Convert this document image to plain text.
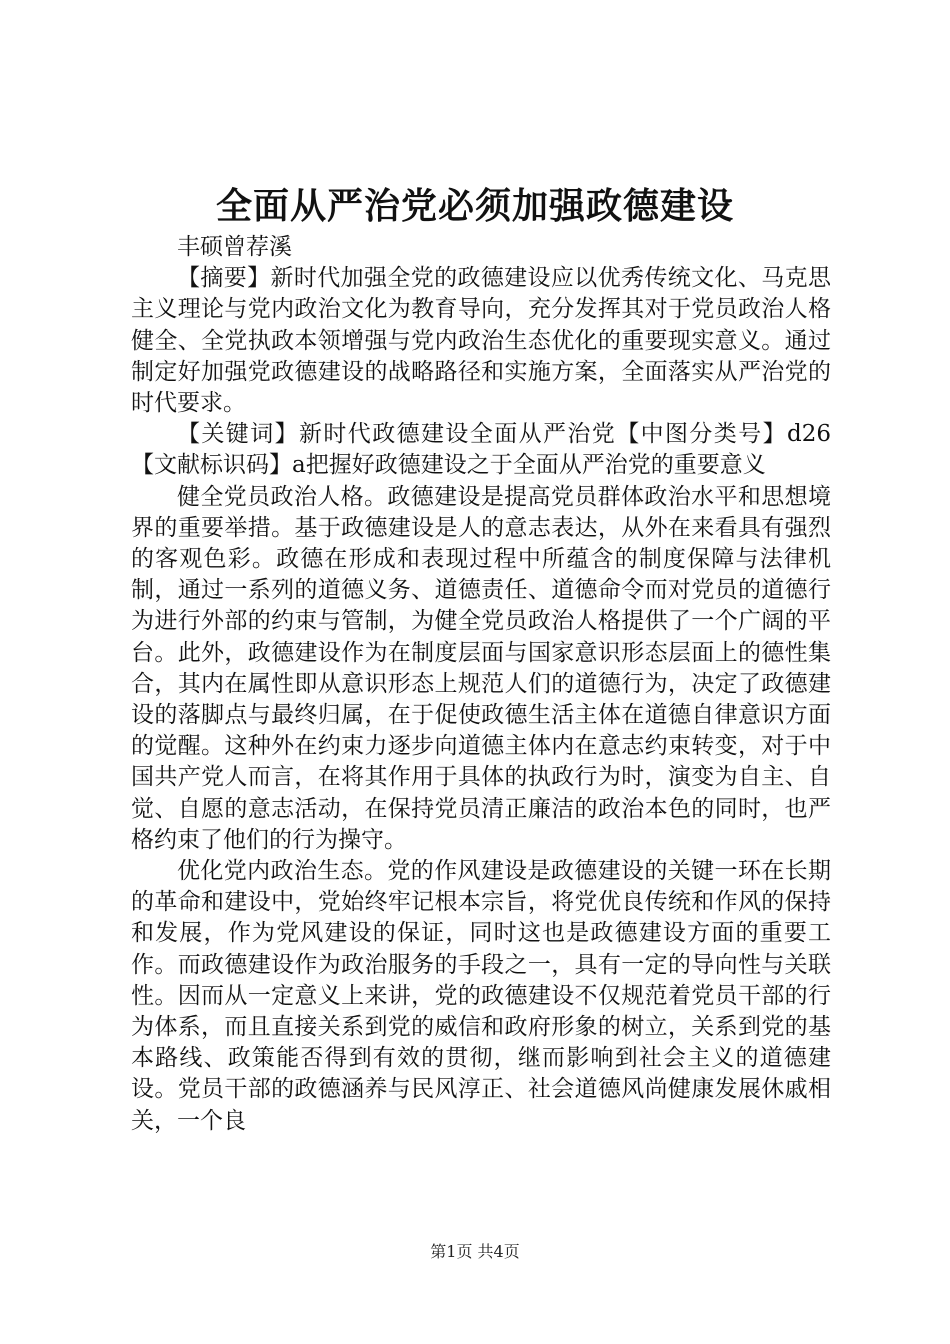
全面从严治党必须加强政德建设

丰硕曾荐溪

【摘要】新时代加强全党的政德建设应以优秀传统文化、马克思主义理论与党内政治文化为教育导向，充分发挥其对于党员政治人格健全、全党执政本领增强与党内政治生态优化的重要现实意义。通过制定好加强党政德建设的战略路径和实施方案，全面落实从严治党的时代要求。

【关键词】新时代政德建设全面从严治党【中图分类号】d26【文献标识码】a把握好政德建设之于全面从严治党的重要意义

健全党员政治人格。政德建设是提高党员群体政治水平和思想境界的重要举措。基于政德建设是人的意志表达，从外在来看具有强烈的客观色彩。政德在形成和表现过程中所蕴含的制度保障与法律机制，通过一系列的道德义务、道德责任、道德命令而对党员的道德行为进行外部的约束与管制，为健全党员政治人格提供了一个广阔的平台。此外，政德建设作为在制度层面与国家意识形态层面上的德性集合，其内在属性即从意识形态上规范人们的道德行为，决定了政德建设的落脚点与最终归属，在于促使政德生活主体在道德自律意识方面的觉醒。这种外在约束力逐步向道德主体内在意志约束转变，对于中国共产党人而言，在将其作用于具体的执政行为时，演变为自主、自觉、自愿的意志活动，在保持党员清正廉洁的政治本色的同时，也严格约束了他们的行为操守。

优化党内政治生态。党的作风建设是政德建设的关键一环在长期的革命和建设中，党始终牢记根本宗旨，将党优良传统和作风的保持和发展，作为党风建设的保证，同时这也是政德建设方面的重要工作。而政德建设作为政治服务的手段之一，具有一定的导向性与关联性。因而从一定意义上来讲，党的政德建设不仅规范着党员干部的行为体系，而且直接关系到党的威信和政府形象的树立，关系到党的基本路线、政策能否得到有效的贯彻，继而影响到社会主义的道德建设。党员干部的政德涵养与民风淳正、社会道德风尚健康发展休戚相关，一个良

第1页 共4页
